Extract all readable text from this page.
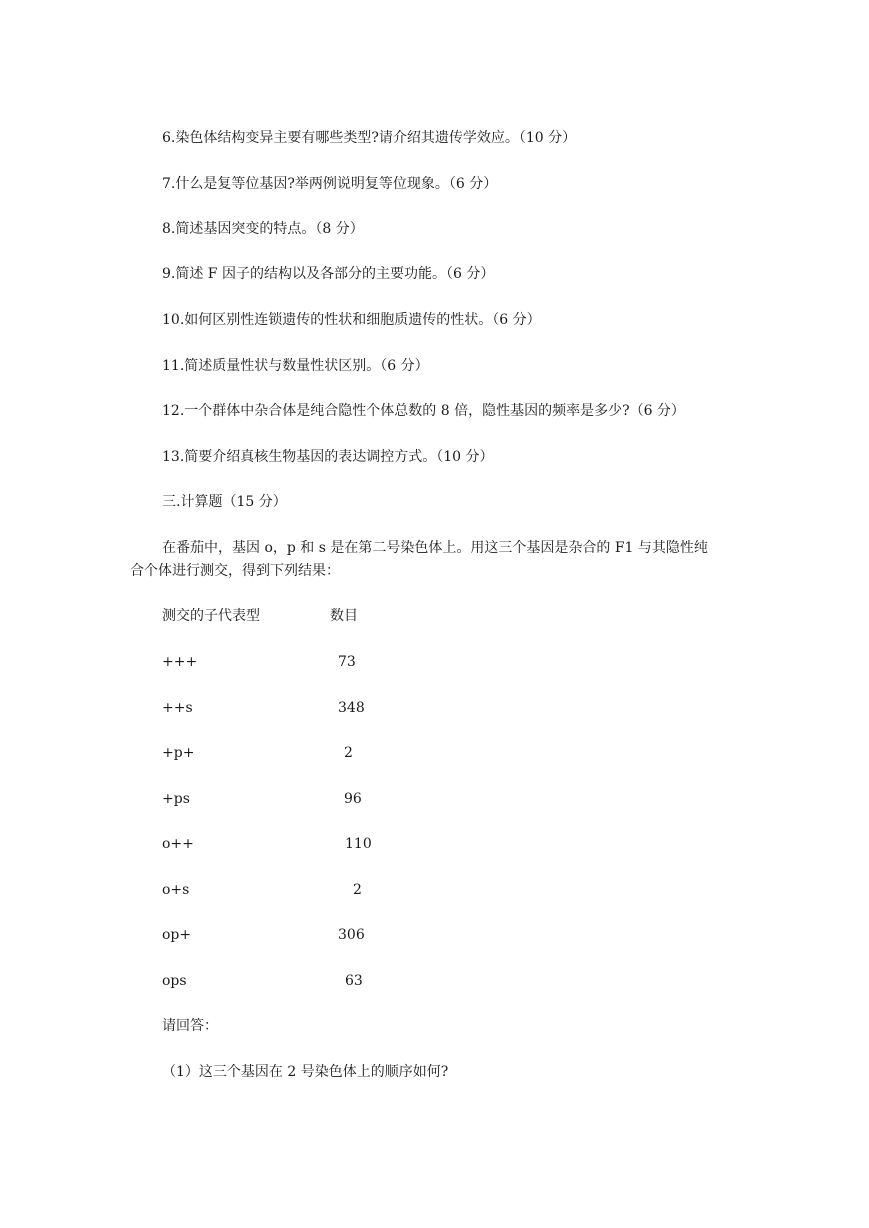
6.染色体结构变异主要有哪些类型?请介绍其遗传学效应。（10 分）
7.什么是复等位基因?举两例说明复等位现象。（6 分）
8.简述基因突变的特点。（8 分）
9.简述 F 因子的结构以及各部分的主要功能。（6 分）
10.如何区别性连锁遗传的性状和细胞质遗传的性状。（6 分）
11.简述质量性状与数量性状区别。（6 分）
12.一个群体中杂合体是纯合隐性个体总数的 8 倍，隐性基因的频率是多少?（6 分）
13.简要介绍真核生物基因的表达调控方式。（10 分）
三.计算题（15 分）
在番茄中，基因 o，p 和 s 是在第二号染色体上。用这三个基因是杂合的 F1 与其隐性纯
合个体进行测交，得到下列结果：
测交的子代表型	数目
+++	73
++s	348
+p+	2
+ps	96
o++	110
o+s	2
op+	306
ops	63
请回答：
（1）这三个基因在 2 号染色体上的顺序如何?
